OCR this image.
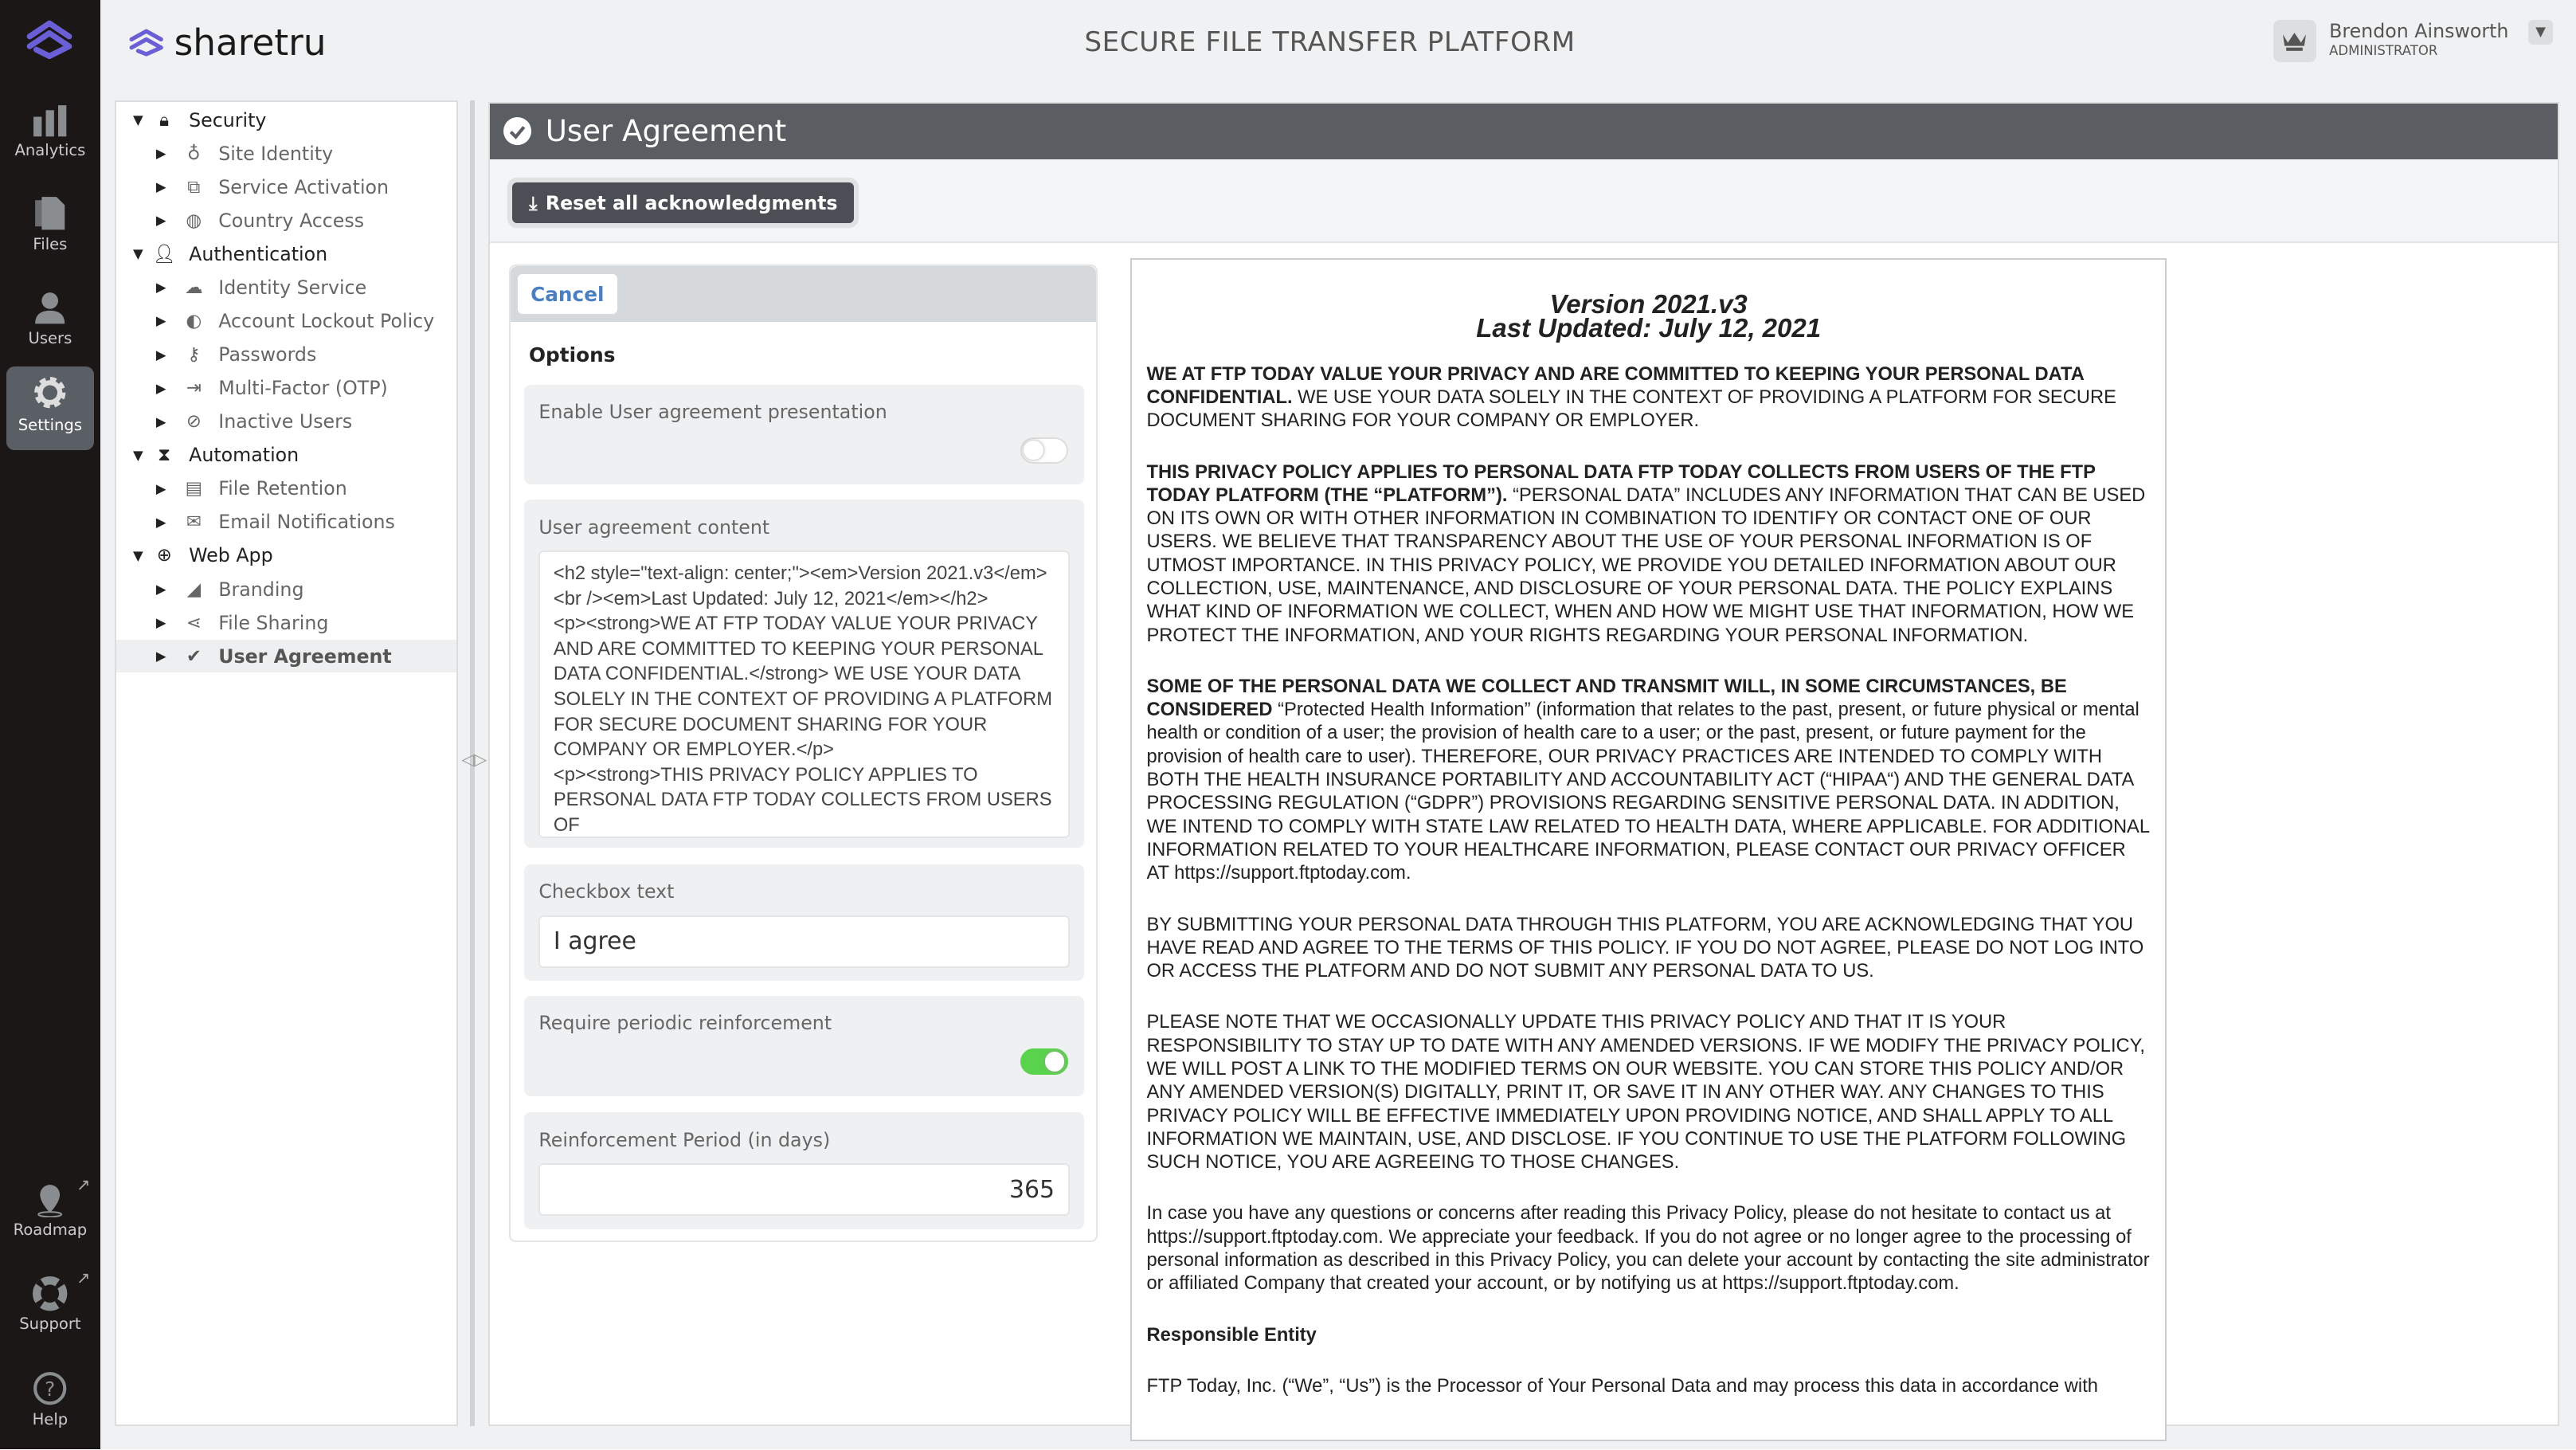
Analytics
Files
Users
Settings
↗
Roadmap
↗
Support
?
Help
sharetru	SECURE FILE TRANSFER PLATFORM	Brendon Ainsworth
ADMINISTRATOR
▼
▼	🔒︎	Security
▶	♁	Site Identity
▶	⧉	Service Activation
▶	◍	Country Access
▼	👤︎	Authentication
▶	☁	Identity Service
▶	◐	Account Lockout Policy
▶	⚷	Passwords
▶	⇥	Multi-Factor (OTP)
▶	⊘	Inactive Users
▼	⧗	Automation
▶	▤	File Retention
▶	✉	Email Notifications
▼	⊕	Web App
▶	◢	Branding
▶	⋖	File Sharing
▶	✔	User Agreement
◁▷
User Agreement
⤓ Reset all acknowledgments
Cancel
Options
Enable User agreement presentation
User agreement content
<h2 style="text-align: center;"><em>Version 2021.v3</em><br /><em>Last Updated: July 12, 2021</em></h2>
<p><strong>WE AT FTP TODAY VALUE YOUR PRIVACY AND ARE COMMITTED TO KEEPING YOUR PERSONAL DATA CONFIDENTIAL.</strong> WE USE YOUR DATA SOLELY IN THE CONTEXT OF PROVIDING A PLATFORM FOR SECURE DOCUMENT SHARING FOR YOUR COMPANY OR EMPLOYER.</p>
<p><strong>THIS PRIVACY POLICY APPLIES TO PERSONAL DATA FTP TODAY COLLECTS FROM USERS OF
Checkbox text
I agree
Require periodic reinforcement
Reinforcement Period (in days)
365
Version 2021.v3
Last Updated: July 12, 2021

WE AT FTP TODAY VALUE YOUR PRIVACY AND ARE COMMITTED TO KEEPING YOUR PERSONAL DATA CONFIDENTIAL. WE USE YOUR DATA SOLELY IN THE CONTEXT OF PROVIDING A PLATFORM FOR SECURE DOCUMENT SHARING FOR YOUR COMPANY OR EMPLOYER.

THIS PRIVACY POLICY APPLIES TO PERSONAL DATA FTP TODAY COLLECTS FROM USERS OF THE FTP TODAY PLATFORM (THE “PLATFORM”). “PERSONAL DATA” INCLUDES ANY INFORMATION THAT CAN BE USED ON ITS OWN OR WITH OTHER INFORMATION IN COMBINATION TO IDENTIFY OR CONTACT ONE OF OUR USERS. WE BELIEVE THAT TRANSPARENCY ABOUT THE USE OF YOUR PERSONAL INFORMATION IS OF UTMOST IMPORTANCE. IN THIS PRIVACY POLICY, WE PROVIDE YOU DETAILED INFORMATION ABOUT OUR COLLECTION, USE, MAINTENANCE, AND DISCLOSURE OF YOUR PERSONAL DATA. THE POLICY EXPLAINS WHAT KIND OF INFORMATION WE COLLECT, WHEN AND HOW WE MIGHT USE THAT INFORMATION, HOW WE PROTECT THE INFORMATION, AND YOUR RIGHTS REGARDING YOUR PERSONAL INFORMATION.

SOME OF THE PERSONAL DATA WE COLLECT AND TRANSMIT WILL, IN SOME CIRCUMSTANCES, BE CONSIDERED “Protected Health Information” (information that relates to the past, present, or future physical or mental health or condition of a user; the provision of health care to a user; or the past, present, or future payment for the provision of health care to user). THEREFORE, OUR PRIVACY PRACTICES ARE INTENDED TO COMPLY WITH BOTH THE HEALTH INSURANCE PORTABILITY AND ACCOUNTABILITY ACT (“HIPAA“) AND THE GENERAL DATA PROCESSING REGULATION (“GDPR”) PROVISIONS REGARDING SENSITIVE PERSONAL DATA. IN ADDITION, WE INTEND TO COMPLY WITH STATE LAW RELATED TO HEALTH DATA, WHERE APPLICABLE. FOR ADDITIONAL INFORMATION RELATED TO YOUR HEALTHCARE INFORMATION, PLEASE CONTACT OUR PRIVACY OFFICER AT https://support.ftptoday.com.

BY SUBMITTING YOUR PERSONAL DATA THROUGH THIS PLATFORM, YOU ARE ACKNOWLEDGING THAT YOU HAVE READ AND AGREE TO THE TERMS OF THIS POLICY. IF YOU DO NOT AGREE, PLEASE DO NOT LOG INTO OR ACCESS THE PLATFORM AND DO NOT SUBMIT ANY PERSONAL DATA TO US.

PLEASE NOTE THAT WE OCCASIONALLY UPDATE THIS PRIVACY POLICY AND THAT IT IS YOUR RESPONSIBILITY TO STAY UP TO DATE WITH ANY AMENDED VERSIONS. IF WE MODIFY THE PRIVACY POLICY, WE WILL POST A LINK TO THE MODIFIED TERMS ON OUR WEBSITE. YOU CAN STORE THIS POLICY AND/OR ANY AMENDED VERSION(S) DIGITALLY, PRINT IT, OR SAVE IT IN ANY OTHER WAY. ANY CHANGES TO THIS PRIVACY POLICY WILL BE EFFECTIVE IMMEDIATELY UPON PROVIDING NOTICE, AND SHALL APPLY TO ALL INFORMATION WE MAINTAIN, USE, AND DISCLOSE. IF YOU CONTINUE TO USE THE PLATFORM FOLLOWING SUCH NOTICE, YOU ARE AGREEING TO THOSE CHANGES.

In case you have any questions or concerns after reading this Privacy Policy, please do not hesitate to contact us at https://support.ftptoday.com. We appreciate your feedback. If you do not agree or no longer agree to the processing of personal information as described in this Privacy Policy, you can delete your account by contacting the site administrator or affiliated Company that created your account, or by notifying us at https://support.ftptoday.com.

Responsible Entity

FTP Today, Inc. (“We”, “Us”) is the Processor of Your Personal Data and may process this data in accordance with
